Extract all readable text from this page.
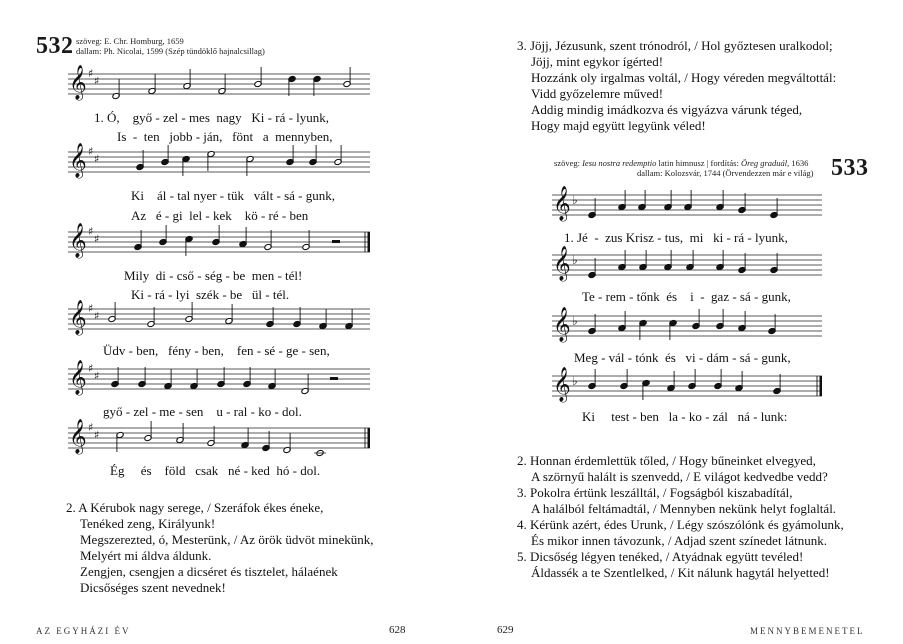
532 szöveg: E. Chr. Homburg, 1659
dallam: Ph. Nicolai, 1599 (Szép tündöklő hajnalcsillag)
𝄞 ♯
♯
𝄞 ♯
♯
𝄞 ♯
♯
𝄞 ♯
♯
𝄞 ♯
♯
𝄞 ♯
♯
1. Ó,    győ - zel - mes  nagy   Ki - rá - lyunk,
Is  -  ten   jobb - ján,   fönt   a  mennyben,
Ki    ál - tal nyer - tük   vált - sá - gunk,
Az   é - gi  lel - kek    kö - ré - ben
Mily  di - cső - ség - be  men - tél!
Ki - rá - lyi  szék - be   ül - tél.
Üdv - ben,   fény - ben,    fen - sé - ge - sen,
győ - zel - me - sen    u - ral - ko - dol.
Ég     és    föld   csak   né - ked  hó - dol.
2. A Kérubok nagy serege, / Szeráfok ékes éneke,
Tenéked zeng, Királyunk!
Megszerezted, ó, Mesterünk, / Az örök üdvöt minekünk,
Melyért mi áldva áldunk.
Zengjen, csengjen a dicséret és tisztelet, hálaének
Dicsőséges szent nevednek!
AZ EGYHÁZI ÉV	628
3. Jöjj, Jézusunk, szent trónodról, / Hol győztesen uralkodol;
Jöjj, mint egykor ígérted!
Hozzánk oly irgalmas voltál, / Hogy véreden megváltottál:
Vidd győzelemre műved!
Addig mindig imádkozva és vigyázva várunk téged,
Hogy majd együtt legyünk véled!
szöveg: Iesu nostra redemptio latin himnusz | fordítás: Öreg graduál, 1636
dallam: Kolozsvár, 1744 (Örvendezzen már e világ) 533
𝄞 ♭
𝄞 ♭
𝄞 ♭
𝄞 ♭
1. Jé  -  zus Krisz - tus,  mi   ki - rá - lyunk,
Te - rem - tőnk  és    i  -  gaz - sá - gunk,
Meg - vál - tónk  és   vi - dám - sá - gunk,
Ki     test - ben   la - ko - zál   ná - lunk:
2. Honnan érdemlettük tőled, / Hogy bűneinket elvegyed,
A szörnyű halált is szenvedd, / E világot kedvedbe vedd?
3. Pokolra értünk leszálltál, / Fogságból kiszabadítál,
A halálból feltámadtál, / Mennyben nekünk helyt foglaltál.
4. Kérünk azért, édes Urunk, / Légy szószólónk és gyámolunk,
És mikor innen távozunk, / Adjad szent színedet látnunk.
5. Dicsőség légyen tenéked, / Atyádnak együtt tevéled!
Áldassék a te Szentlelked, / Kit nálunk hagytál helyetted!
629	MENNYBEMENETEL
